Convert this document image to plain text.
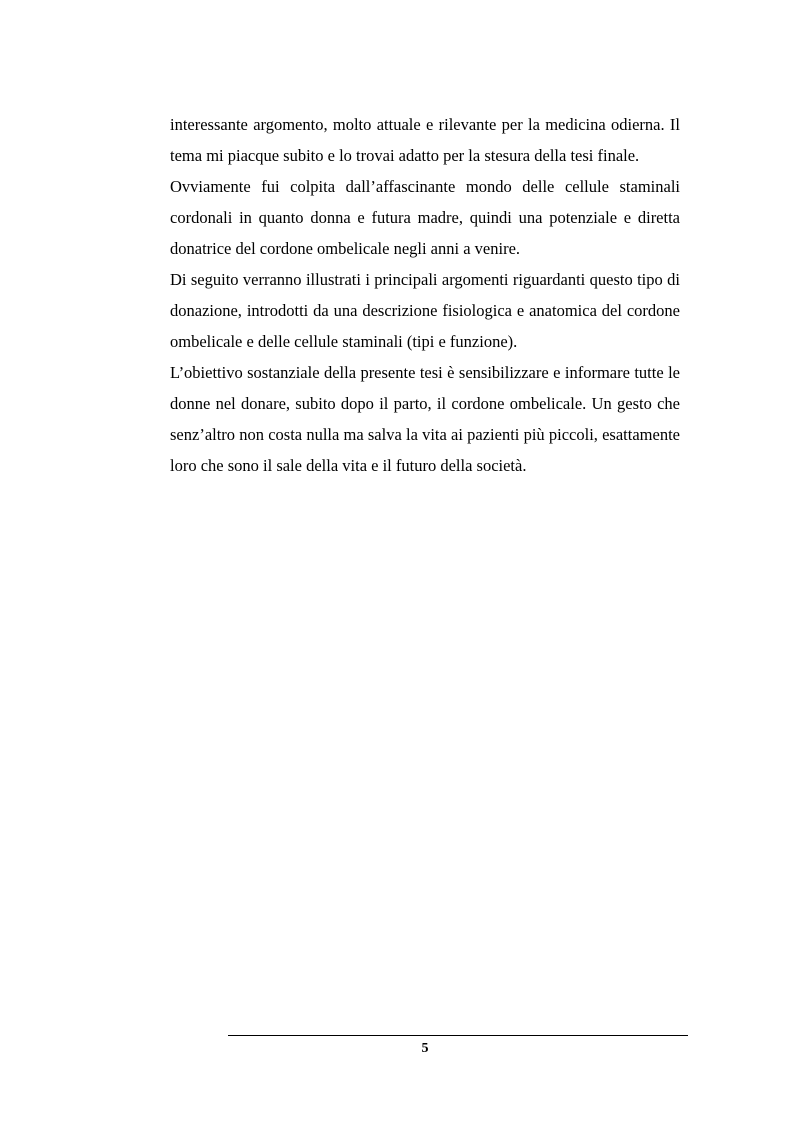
interessante argomento, molto attuale e rilevante per la medicina odierna. Il tema mi piacque subito e lo trovai adatto per la stesura della tesi finale.

Ovviamente fui colpita dall’affascinante mondo delle cellule staminali cordonali in quanto donna e futura madre, quindi una potenziale e diretta donatrice del cordone ombelicale negli anni a venire.

Di seguito verranno illustrati i principali argomenti riguardanti questo tipo di donazione, introdotti da una descrizione fisiologica e anatomica del cordone ombelicale e delle cellule staminali (tipi e funzione).

L’obiettivo sostanziale della presente tesi è sensibilizzare e informare tutte le donne nel donare, subito dopo il parto, il cordone ombelicale. Un gesto che senz’altro non costa nulla ma salva la vita ai pazienti più piccoli, esattamente loro che sono il sale della vita e il futuro della società.

5
